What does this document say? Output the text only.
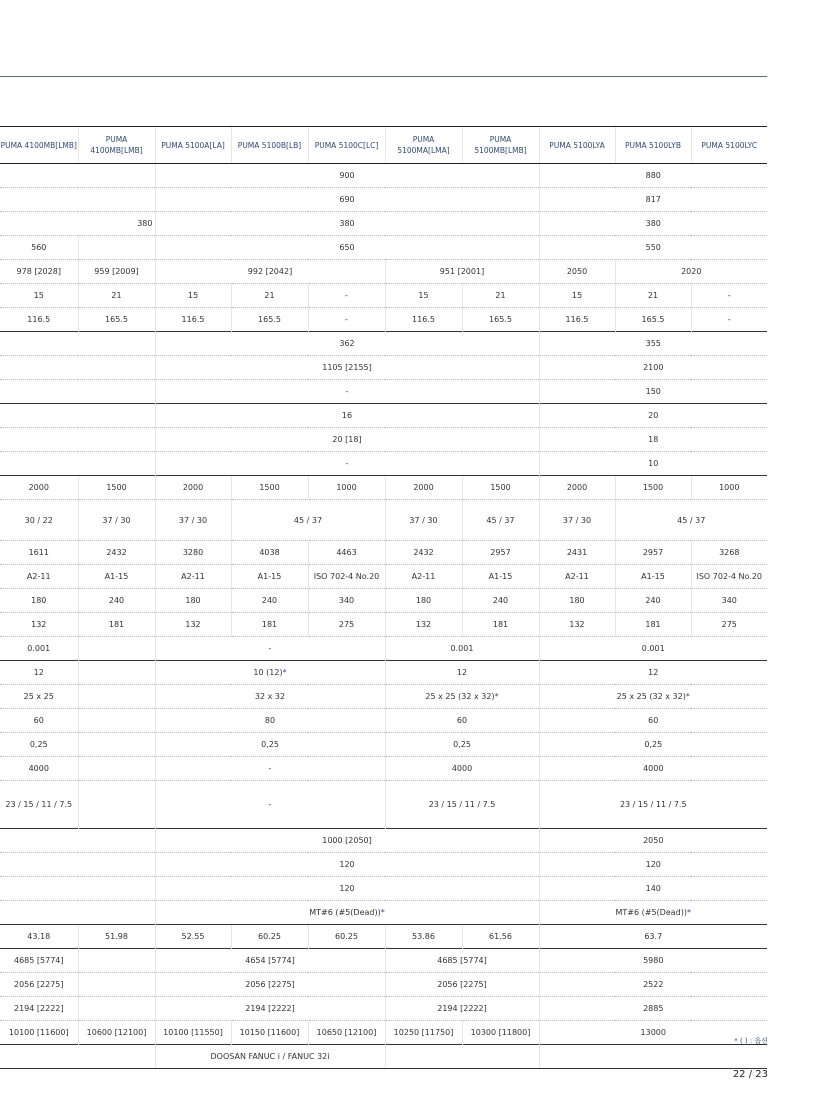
PUMA 4100MB[LMB]	PUMA 4100MB[LMB]	PUMA 5100A[LA]	PUMA 5100B[LB]	PUMA 5100C[LC]	PUMA 5100MA[LMA]	PUMA 5100MB[LMB]	PUMA 5100LYA	PUMA 5100LYB	PUMA 5100LYC
		900					880		
		690					817		
380		380					380		
560		650					550		
978 [2028]	959 [2009]	992 [2042]			951 [2001]		2050	2020	
15	21	15	21	-	15	21	15	21	-
116.5	165.5	116.5	165.5	-	116.5	165.5	116.5	165.5	-
		362					355		
		1105 [2155]					2100		
		-					150		
		16					20		
		20 [18]					18		
		-					10		
2000	1500	2000	1500	1000	2000	1500	2000	1500	1000
30 / 22	37 / 30	37 / 30	45 / 37		37 / 30	45 / 37	37 / 30	45 / 37	
1611	2432	3280	4038	4463	2432	2957	2431	2957	3268
A2-11	A1-15	A2-11	A1-15	ISO 702-4 No.20	A2-11	A1-15	A2-11	A1-15	ISO 702-4 No.20
180	240	180	240	340	180	240	180	240	340
132	181	132	181	275	132	181	132	181	275
0.001		-			0.001		0.001		
12		10 (12)*			12		12		
25 x 25		32 x 32			25 x 25 (32 x 32)*		25 x 25 (32 x 32)*		
60		80			60		60		
0,25		0,25			0,25		0,25		
4000		-			4000		4000		
23 / 15 / 11 / 7.5		-			23 / 15 / 11 / 7.5		23 / 15 / 11 / 7.5		
		1000 [2050]					2050		
		120					120		
		120					140		
		MT#6 (#5(Dead))*					MT#6 (#5(Dead))*		
43.18	51.98	52.55	60.25	60.25	53.86	61.56	63.7		
4685 [5774]		4654 [5774]			4685 [5774]		5980		
2056 [2275]		2056 [2275]			2056 [2275]		2522		
2194 [2222]		2194 [2222]			2194 [2222]		2885		
10100 [11600]	10600 [12100]	10100 [11550]	10150 [11600]	10650 [12100]	10250 [11750]	10300 [11800]	13000		
		DOOSAN FANUC i / FANUC 32i							
* ( ) : 옵션
22 / 23
